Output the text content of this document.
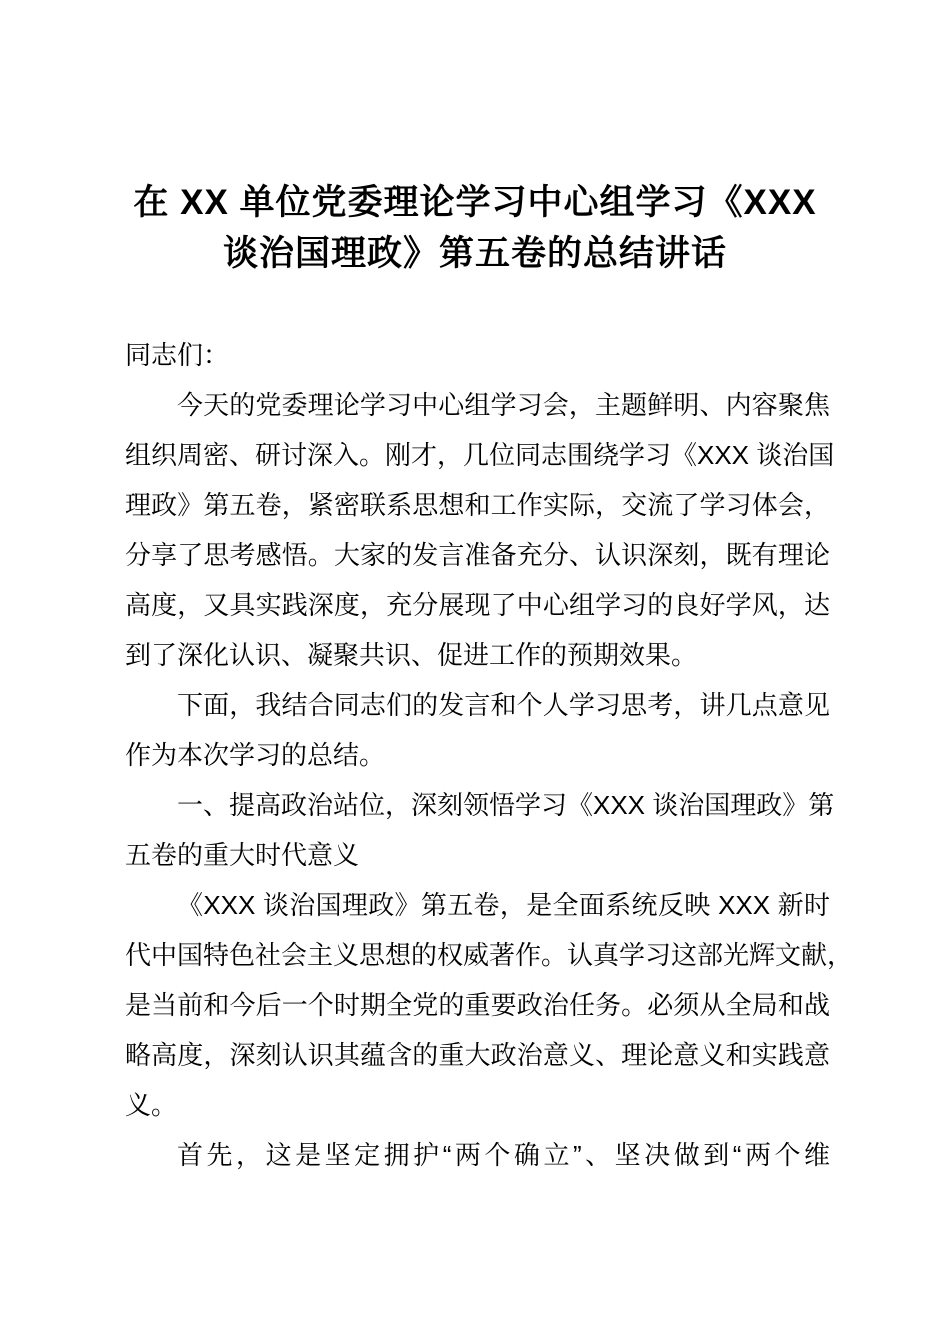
在 XX 单位党委理论学习中心组学习《XXX
谈治国理政》第五卷的总结讲话
同志们：
今天的党委理论学习中心组学习会，主题鲜明、内容聚焦
组织周密、研讨深入。刚才，几位同志围绕学习《XXX 谈治国
理政》第五卷，紧密联系思想和工作实际，交流了学习体会，
分享了思考感悟。大家的发言准备充分、认识深刻，既有理论
高度，又具实践深度，充分展现了中心组学习的良好学风，达
到了深化认识、凝聚共识、促进工作的预期效果。
下面，我结合同志们的发言和个人学习思考，讲几点意见
作为本次学习的总结。
一、提高政治站位，深刻领悟学习《XXX 谈治国理政》第
五卷的重大时代意义
《XXX 谈治国理政》第五卷，是全面系统反映 XXX 新时
代中国特色社会主义思想的权威著作。认真学习这部光辉文献，
是当前和今后一个时期全党的重要政治任务。必须从全局和战
略高度，深刻认识其蕴含的重大政治意义、理论意义和实践意
义。
首先，这是坚定拥护“两个确立”、坚决做到“两个维
